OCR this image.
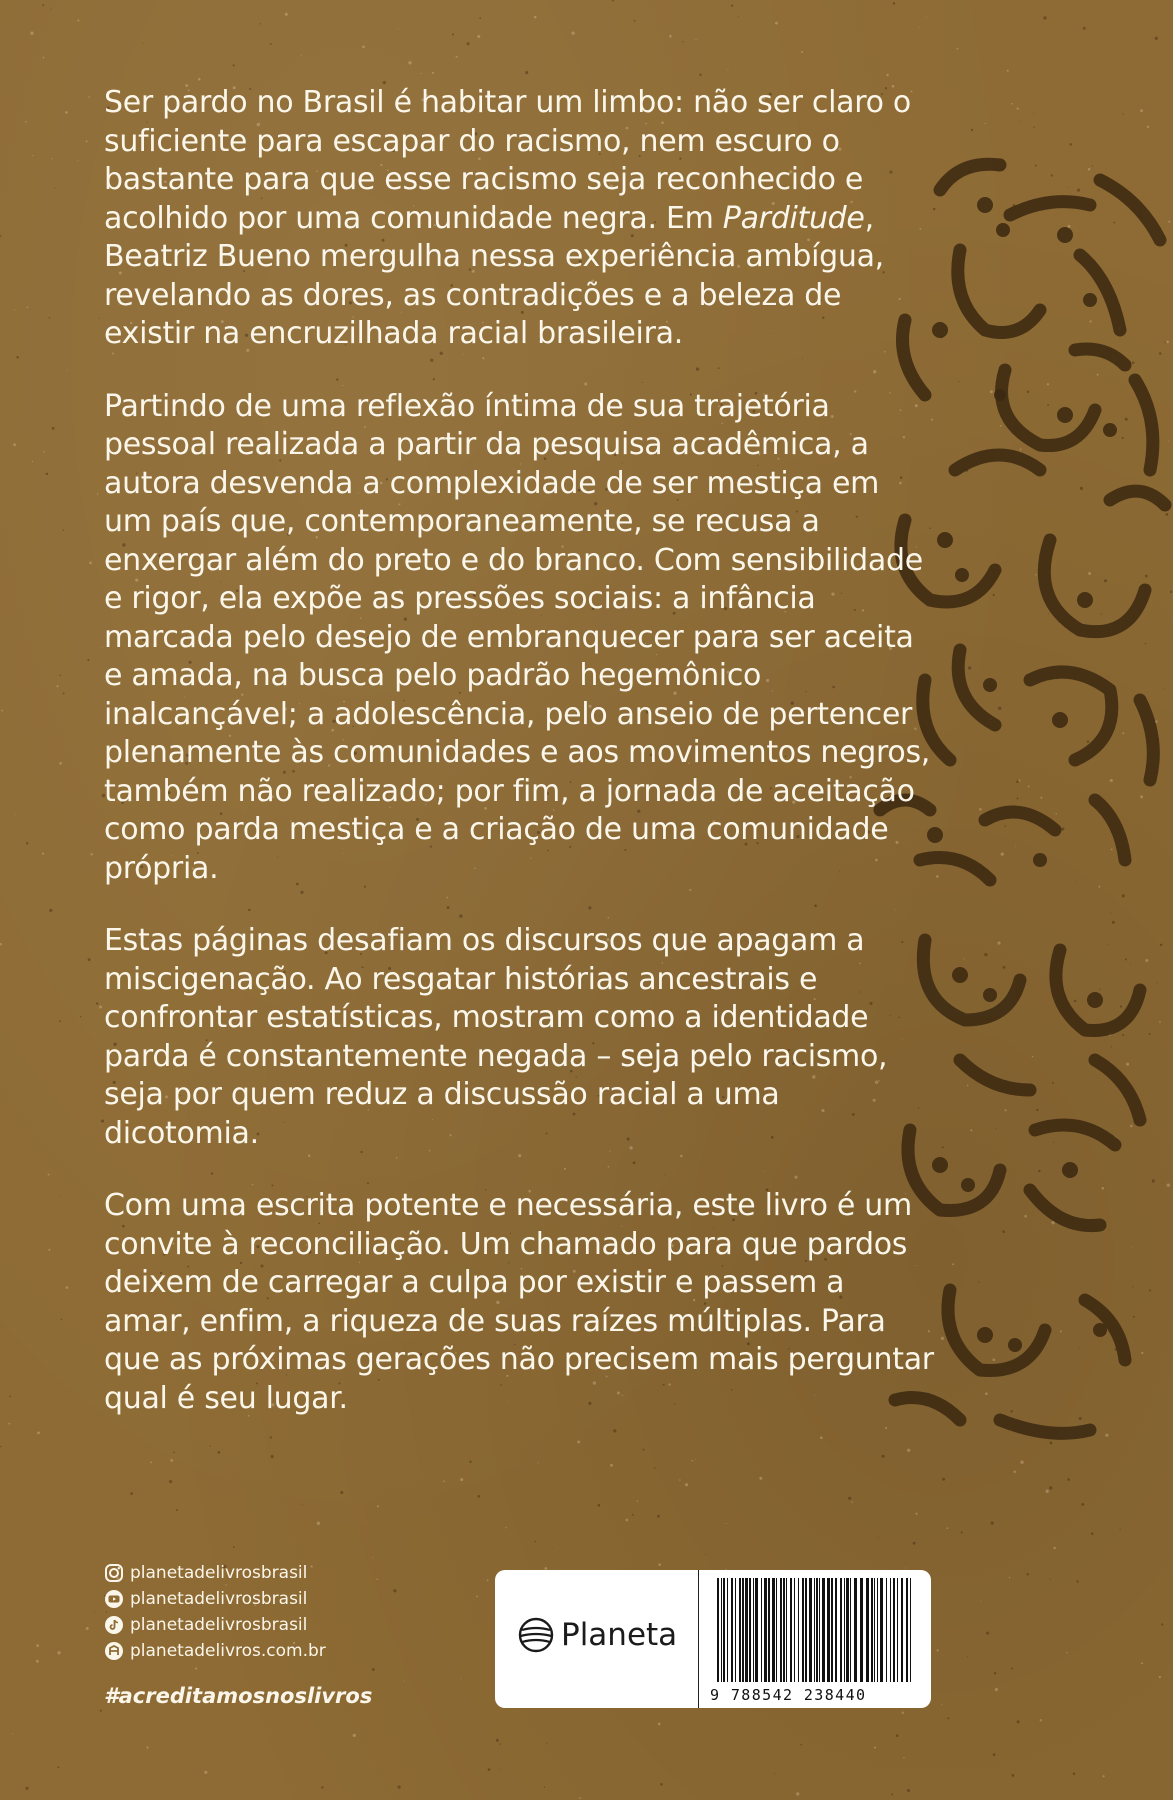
Ser pardo no Brasil é habitar um limbo: não ser claro o suficiente para escapar do racismo, nem escuro o bastante para que esse racismo seja reconhecido e acolhido por uma comunidade negra. Em Parditude, Beatriz Bueno mergulha nessa experiência ambígua, revelando as dores, as contradições e a beleza de existir na encruzilhada racial brasileira.

Partindo de uma reflexão íntima de sua trajetória pessoal realizada a partir da pesquisa acadêmica, a autora desvenda a complexidade de ser mestiça em um país que, contemporaneamente, se recusa a enxergar além do preto e do branco. Com sensibilidade e rigor, ela expõe as pressões sociais: a infância marcada pelo desejo de embranquecer para ser aceita e amada, na busca pelo padrão hegemônico inalcançável; a adolescência, pelo anseio de pertencer plenamente às comunidades e aos movimentos negros, também não realizado; por fim, a jornada de aceitação como parda mestiça e a criação de uma comunidade própria.

Estas páginas desafiam os discursos que apagam a miscigenação. Ao resgatar histórias ancestrais e confrontar estatísticas, mostram como a identidade parda é constantemente negada – seja pelo racismo, seja por quem reduz a discussão racial a uma dicotomia.

Com uma escrita potente e necessária, este livro é um convite à reconciliação. Um chamado para que pardos deixem de carregar a culpa por existir e passem a amar, enfim, a riqueza de suas raízes múltiplas. Para que as próximas gerações não precisem mais perguntar qual é seu lugar.

planetadelivrosbrasil
planetadelivrosbrasil
planetadelivrosbrasil
planetadelivros.com.br
#acreditamosnoslivros
Planeta
9 788542 238440
